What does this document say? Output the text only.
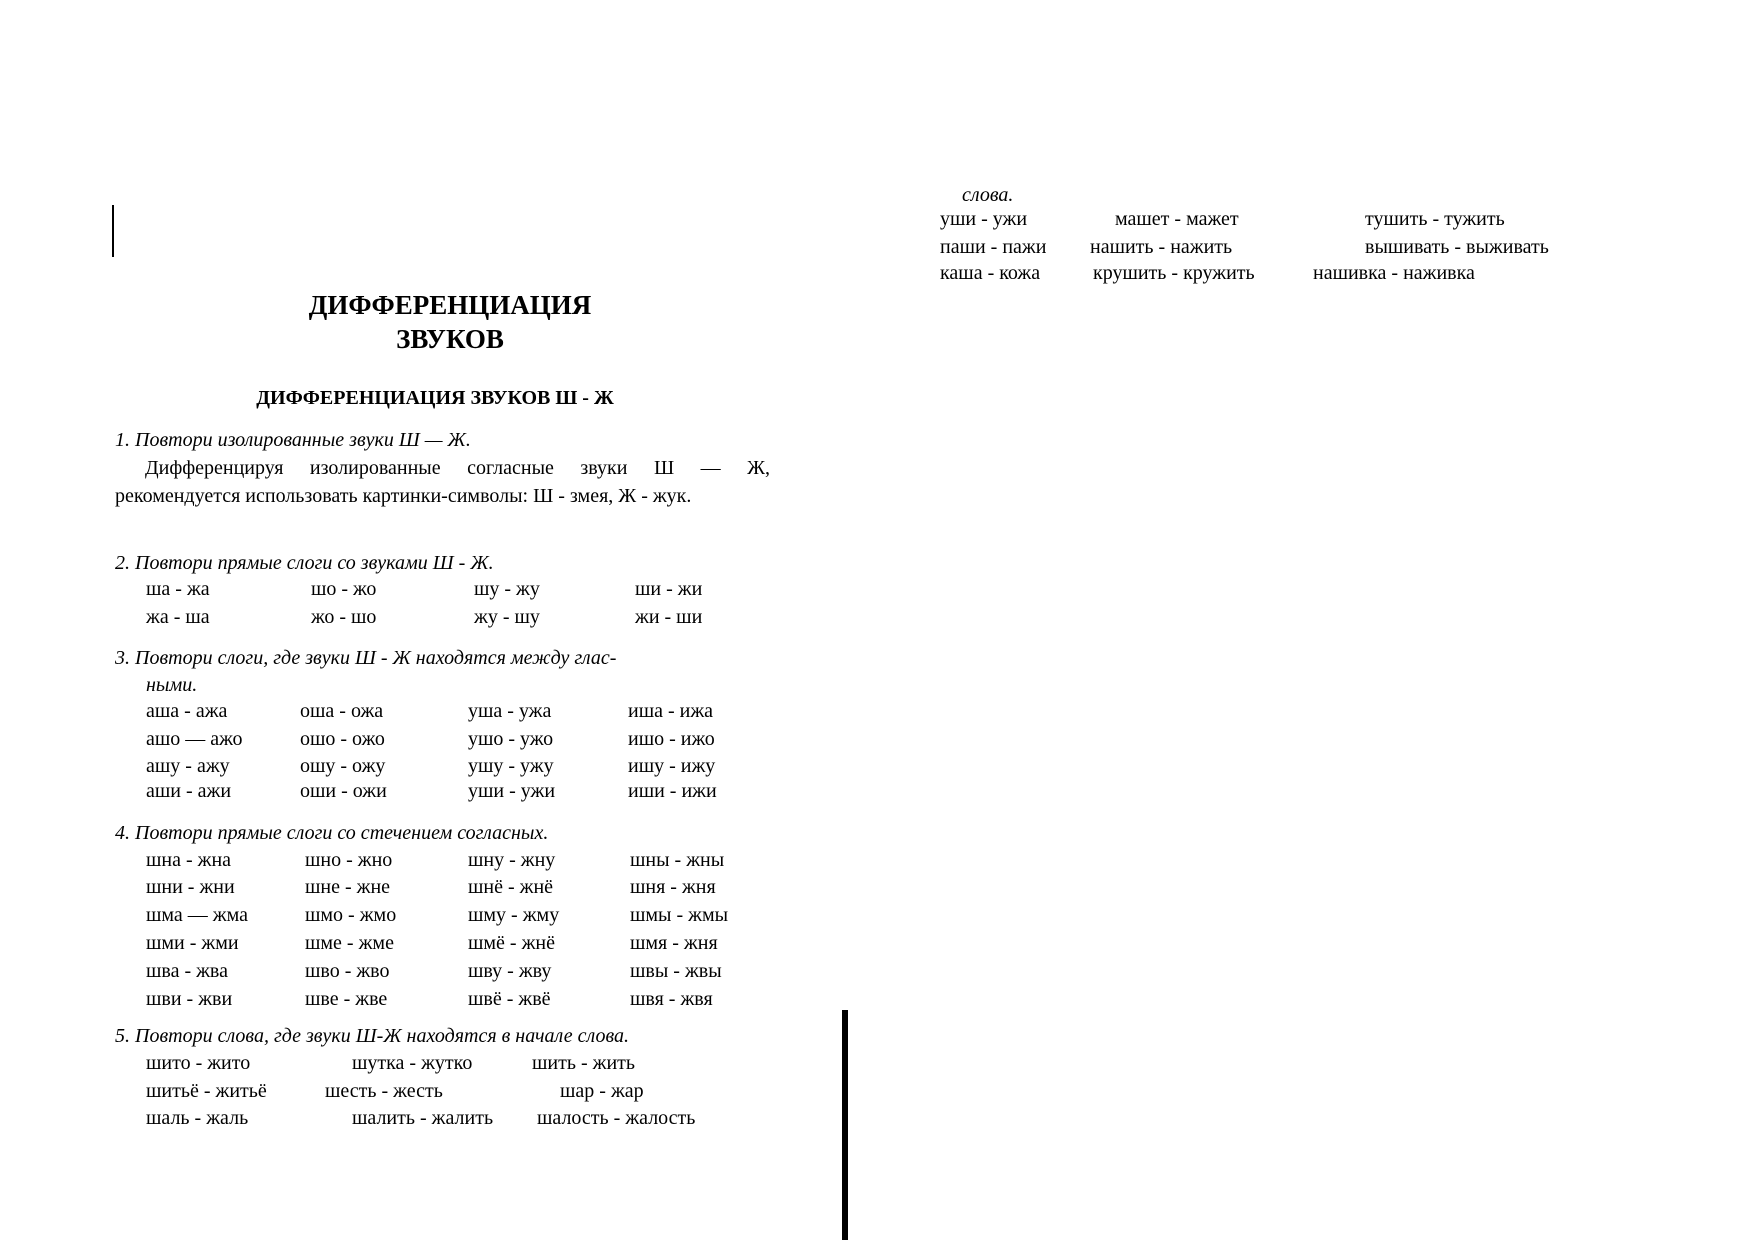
ДИФФЕРЕНЦИАЦИЯ
ЗВУКОВ
ДИФФЕРЕНЦИАЦИЯ ЗВУКОВ Ш - Ж
1. Повтори изолированные звуки Ш — Ж.

Дифференцируя изолированные согласные звуки Ш — Ж, рекомендуется использовать картинки-символы: Ш - змея, Ж - жук.

2. Повтори прямые слоги со звуками Ш - Ж.
ша - жа	шо - жо	шу - жу	ши - жи
жа - ша	жо - шо	жу - шу	жи - ши
3. Повтори слоги, где звуки Ш - Ж находятся между глас-
ными.
аша - ажа	оша - ожа	уша - ужа	иша - ижа
ашо — ажо	ошо - ожо	ушо - ужо	ишо - ижо
ашу - ажу	ошу - ожу	ушу - ужу	ишу - ижу
аши - ажи	оши - ожи	уши - ужи	иши - ижи
4. Повтори прямые слоги со стечением согласных.
шна - жна	шно - жно	шну - жну	шны - жны
шни - жни	шне - жне	шнё - жнё	шня - жня
шма — жма	шмо - жмо	шму - жму	шмы - жмы
шми - жми	шме - жме	шмё - жнё	шмя - жня
шва - жва	шво - жво	шву - жву	швы - жвы
шви - жви	шве - жве	швё - жвё	швя - жвя
5. Повтори слова, где звуки Ш-Ж находятся в начале слова.
шито - жито	шутка - жутко	шить - жить
шитьё - житьё	шесть - жесть	шар - жар
шаль - жаль	шалить - жалить шалость - жалость
слова.
уши - ужи	машет - мажет	тушить - тужить
паши - пажи нашить - нажить	вышивать - выживать
каша - кожа	крушить - кружить	нашивка - наживка
